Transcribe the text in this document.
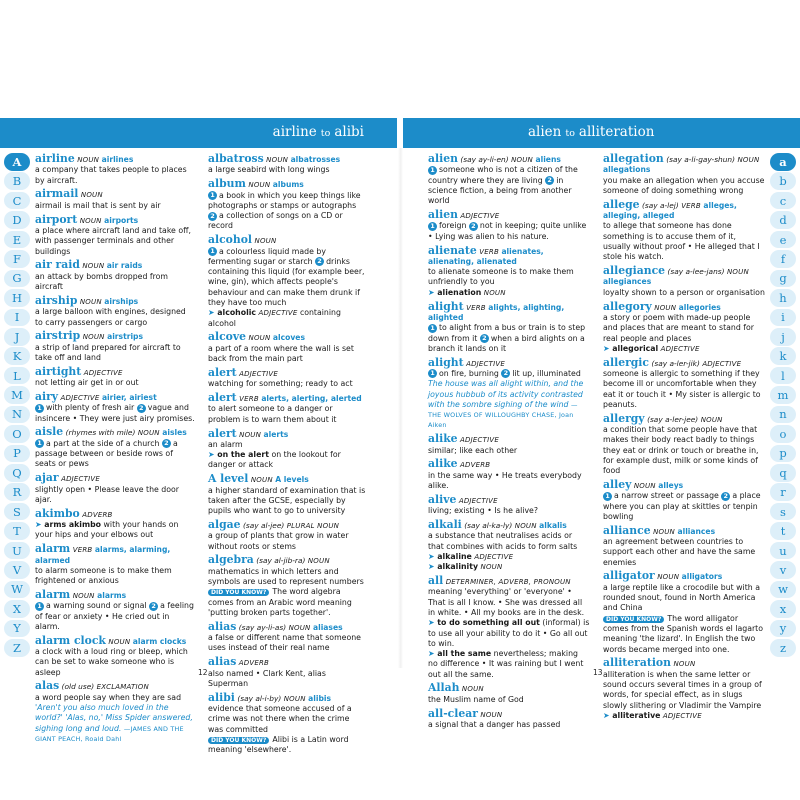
airline to alibi	alien to alliteration
A
B
C
D
E
F
G
H
I
J
K
L
M
N
O
P
Q
R
S
T
U
V
W
X
Y
Z
a
b
c
d
e
f
g
h
i
j
k
l
m
n
o
p
q
r
s
t
u
v
w
x
y
z
airline NOUN airlines
a company that takes people to places by aircraft.
airmail NOUN
airmail is mail that is sent by air
airport NOUN airports
a place where aircraft land and take off, with passenger terminals and other buildings
air raid NOUN air raids
an attack by bombs dropped from aircraft
airship NOUN airships
a large balloon with engines, designed to carry passengers or cargo
airstrip NOUN airstrips
a strip of land prepared for aircraft to take off and land
airtight ADJECTIVE
not letting air get in or out
airy ADJECTIVE airier, airiest
1 with plenty of fresh air 2 vague and insincere • They were just airy promises.
aisle (rhymes with mile) NOUN aisles
1 a part at the side of a church 2 a passage between or beside rows of seats or pews
ajar ADJECTIVE
slightly open • Please leave the door ajar.
akimbo ADVERB
➤ arms akimbo with your hands on your hips and your elbows out
alarm VERB alarms, alarming, alarmed
to alarm someone is to make them frightened or anxious
alarm NOUN alarms
1 a warning sound or signal 2 a feeling of fear or anxiety • He cried out in alarm.
alarm clock NOUN alarm clocks
a clock with a loud ring or bleep, which can be set to wake someone who is asleep
alas (old use) EXCLAMATION
a word people say when they are sad
'Aren't you also much loved in the world?' 'Alas, no,' Miss Spider answered, sighing long and loud. —JAMES AND THE GIANT PEACH, Roald Dahl
albatross NOUN albatrosses
a large seabird with long wings
album NOUN albums
1 a book in which you keep things like photographs or stamps or autographs 2 a collection of songs on a CD or record
alcohol NOUN
1 a colourless liquid made by fermenting sugar or starch 2 drinks containing this liquid (for example beer, wine, gin), which affects people's behaviour and can make them drunk if they have too much
➤ alcoholic ADJECTIVE containing alcohol
alcove NOUN alcoves
a part of a room where the wall is set back from the main part
alert ADJECTIVE
watching for something; ready to act
alert VERB alerts, alerting, alerted
to alert someone to a danger or problem is to warn them about it
alert NOUN alerts
an alarm
➤ on the alert on the lookout for danger or attack
A level NOUN A levels
a higher standard of examination that is taken after the GCSE, especially by pupils who want to go to university
algae (say al-jee) PLURAL NOUN
a group of plants that grow in water without roots or stems
algebra (say al-jib-ra) NOUN
mathematics in which letters and symbols are used to represent numbers
DID YOU KNOW? The word algebra comes from an Arabic word meaning 'putting broken parts together'.
alias (say ay-li-as) NOUN aliases
a false or different name that someone uses instead of their real name
alias ADVERB
also named • Clark Kent, alias Superman
alibi (say al-i-by) NOUN alibis
evidence that someone accused of a crime was not there when the crime was committed
DID YOU KNOW? Alibi is a Latin word meaning 'elsewhere'.
alien (say ay-li-en) NOUN aliens
1 someone who is not a citizen of the country where they are living 2 in science fiction, a being from another world
alien ADJECTIVE
1 foreign 2 not in keeping; quite unlike • Lying was alien to his nature.
alienate VERB alienates, alienating, alienated
to alienate someone is to make them unfriendly to you
➤ alienation NOUN
alight VERB alights, alighting, alighted
1 to alight from a bus or train is to step down from it 2 when a bird alights on a branch it lands on it
alight ADJECTIVE
1 on fire, burning 2 lit up, illuminated
The house was all alight within, and the joyous hubbub of its activity contrasted with the sombre sighing of the wind —THE WOLVES OF WILLOUGHBY CHASE, Joan Aiken
alike ADJECTIVE
similar; like each other
alike ADVERB
in the same way • He treats everybody alike.
alive ADJECTIVE
living; existing • Is he alive?
alkali (say al-ka-ly) NOUN alkalis
a substance that neutralises acids or that combines with acids to form salts
➤ alkaline ADJECTIVE
➤ alkalinity NOUN
all DETERMINER, ADVERB, PRONOUN
meaning 'everything' or 'everyone' • That is all I know. • She was dressed all in white. • All my books are in the desk.
➤ to do something all out (informal) is to use all your ability to do it • Go all out to win.
➤ all the same nevertheless; making no difference • It was raining but I went out all the same.
Allah NOUN
the Muslim name of God
all-clear NOUN
a signal that a danger has passed
allegation (say a-li-gay-shun) NOUN allegations
you make an allegation when you accuse someone of doing something wrong
allege (say a-lej) VERB alleges, alleging, alleged
to allege that someone has done something is to accuse them of it, usually without proof • He alleged that I stole his watch.
allegiance (say a-lee-jans) NOUN allegiances
loyalty shown to a person or organisation
allegory NOUN allegories
a story or poem with made-up people and places that are meant to stand for real people and places
➤ allegorical ADJECTIVE
allergic (say a-ler-jik) ADJECTIVE
someone is allergic to something if they become ill or uncomfortable when they eat it or touch it • My sister is allergic to peanuts.
allergy (say a-ler-jee) NOUN
a condition that some people have that makes their body react badly to things they eat or drink or touch or breathe in, for example dust, milk or some kinds of food
alley NOUN alleys
1 a narrow street or passage 2 a place where you can play at skittles or tenpin bowling
alliance NOUN alliances
an agreement between countries to support each other and have the same enemies
alligator NOUN alligators
a large reptile like a crocodile but with a rounded snout, found in North America and China
DID YOU KNOW? The word alligator comes from the Spanish words el lagarto meaning 'the lizard'. In English the two words became merged into one.
alliteration NOUN
alliteration is when the same letter or sound occurs several times in a group of words, for special effect, as in slugs slowly slithering or Vladimir the Vampire
➤ alliterative ADJECTIVE
12	13
